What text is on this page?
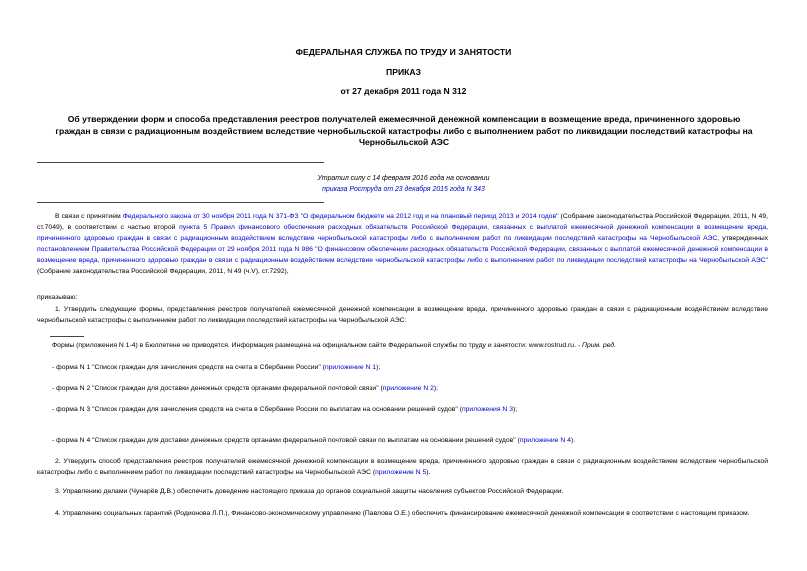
ФЕДЕРАЛЬНАЯ СЛУЖБА ПО ТРУДУ И ЗАНЯТОСТИ
ПРИКАЗ
от 27 декабря 2011 года N 312
Об утверждении форм и способа представления реестров получателей ежемесячной денежной компенсации в возмещение вреда, причиненного здоровью граждан в связи с радиационным воздействием вследствие чернобыльской катастрофы либо с выполнением работ по ликвидации последствий катастрофы на Чернобыльской АЭС
Утратил силу с 14 февраля 2016 года на основании
приказа Роструда от 23 декабря 2015 года N 343
В связи с принятием Федерального закона от 30 ноября 2011 года N 371-ФЗ "О федеральном бюджете на 2012 год и на плановый период 2013 и 2014 годов" (Собрание законодательства Российской Федерации, 2011, N 49, ст.7049), в соответствии с частью второй пункта 5 Правил финансового обеспечения расходных обязательств Российской Федерации, связанных с выплатой ежемесячной денежной компенсации в возмещение вреда, причиненного здоровью граждан в связи с радиационным воздействием вследствие чернобыльской катастрофы либо с выполнением работ по ликвидации последствий катастрофы на Чернобыльской АЭС, утвержденных постановлением Правительства Российской Федерации от 29 ноября 2011 года N 986 "О финансовом обеспечении расходных обязательств Российской Федерации, связанных с выплатой ежемесячной денежной компенсации в возмещение вреда, причиненного здоровью граждан в связи с радиационным воздействием вследствие чернобыльской катастрофы либо с выполнением работ по ликвидации последствий катастрофы на Чернобыльской АЭС" (Собрание законодательства Российской Федерации, 2011, N 49 (ч.V), ст.7292),
приказываю:
1. Утвердить следующие формы, представления реестров получателей ежемесячной денежной компенсации в возмещение вреда, причиненного здоровью граждан в связи с радиационным воздействием вследствие чернобыльской катастрофы с выполнением работ по ликвидации последствий катастрофы на Чернобыльской АЭС:
Формы (приложения N 1-4) в Бюллетене не приводятся. Информация размещена на официальном сайте Федеральной службы по труду и занятости: www.rostrud.ru. - Прим. ред.
- форма N 1 "Список граждан для зачисления средств на счета в Сбербанке России" (приложение N 1);
- форма N 2 "Список граждан для доставки денежных средств органами федеральной почтовой связи" (приложение N 2);
- форма N 3 "Список граждан для зачисления средств на счета в Сбербанке России по выплатам на основании решений судов" (приложения N 3);
- форма N 4 "Список граждан для доставки денежных средств органами федеральной почтовой связи по выплатам на основании решений судов" (приложение N 4).
2. Утвердить способ представления реестров получателей ежемесячной денежной компенсации в возмещение вреда, причиненного здоровью граждан в связи с радиационным воздействием вследствие чернобыльской катастрофы либо с выполнением работ по ликвидации последствий катастрофы на Чернобыльской АЭС (приложение N 5).
3. Управлению делами (Чунарёв Д.В.) обеспечить доведение настоящего приказа до органов социальной защиты населения субъектов Российской Федерации.
4. Управлению социальных гарантий (Родионова Л.П.), Финансово-экономическому управлению (Павлова О.Е.) обеспечить финансирование ежемесячной денежной компенсации в соответствии с настоящим приказом.
